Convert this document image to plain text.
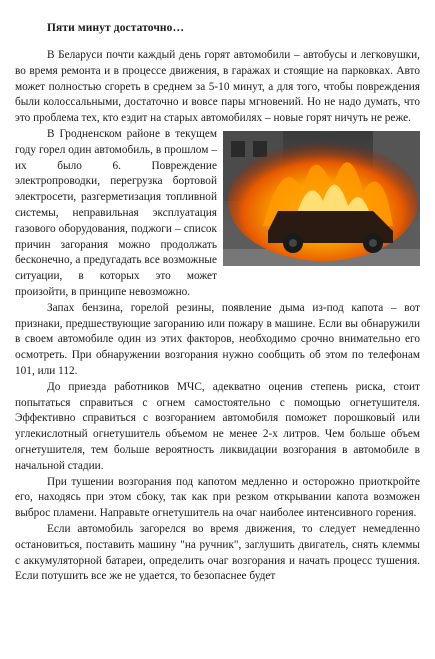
Пяти минут достаточно…

В Беларуси почти каждый день горят автомобили – автобусы и легковушки, во время ремонта и в процессе движения, в гаражах и стоящие на парковках. Авто может полностью сгореть в среднем за 5-10 минут, а для того, чтобы повреждения были колоссальными, достаточно и вовсе пары мгновений. Но не надо думать, что это проблема тех, кто ездит на старых автомобилях – новые горят ничуть не реже.

В Гродненском районе в текущем году горел один автомобиль, в прошлом – их было 6. Повреждение электропроводки, перегрузка бортовой электросети, разгерметизация топливной системы, неправильная эксплуатация газового оборудования, поджоги – список причин загорания можно продолжать бесконечно, а предугадать все возможные ситуации, в которых это может произойти, в принципе невозможно.

Запах бензина, горелой резины, появление дыма из-под капота – вот признаки, предшествующие загоранию или пожару в машине. Если вы обнаружили в своем автомобиле один из этих факторов, необходимо срочно внимательно его осмотреть. При обнаружении возгорания нужно сообщить об этом по телефонам 101, или 112.

До приезда работников МЧС, адекватно оценив степень риска, стоит попытаться справиться с огнем самостоятельно с помощью огнетушителя. Эффективно справиться с возгоранием автомобиля поможет порошковый или углекислотный огнетушитель объемом не менее 2-х литров. Чем больше объем огнетушителя, тем больше вероятность ликвидации возгорания в автомобиле в начальной стадии.

При тушении возгорания под капотом медленно и осторожно приоткройте его, находясь при этом сбоку, так как при резком открывании капота возможен выброс пламени. Направьте огнетушитель на очаг наиболее интенсивного горения.

Если автомобиль загорелся во время движения, то следует немедленно остановиться, поставить машину "на ручник", заглушить двигатель, снять клеммы с аккумуляторной батареи, определить очаг возгорания и начать процесс тушения. Если потушить все же не удается, то безопаснее будет
